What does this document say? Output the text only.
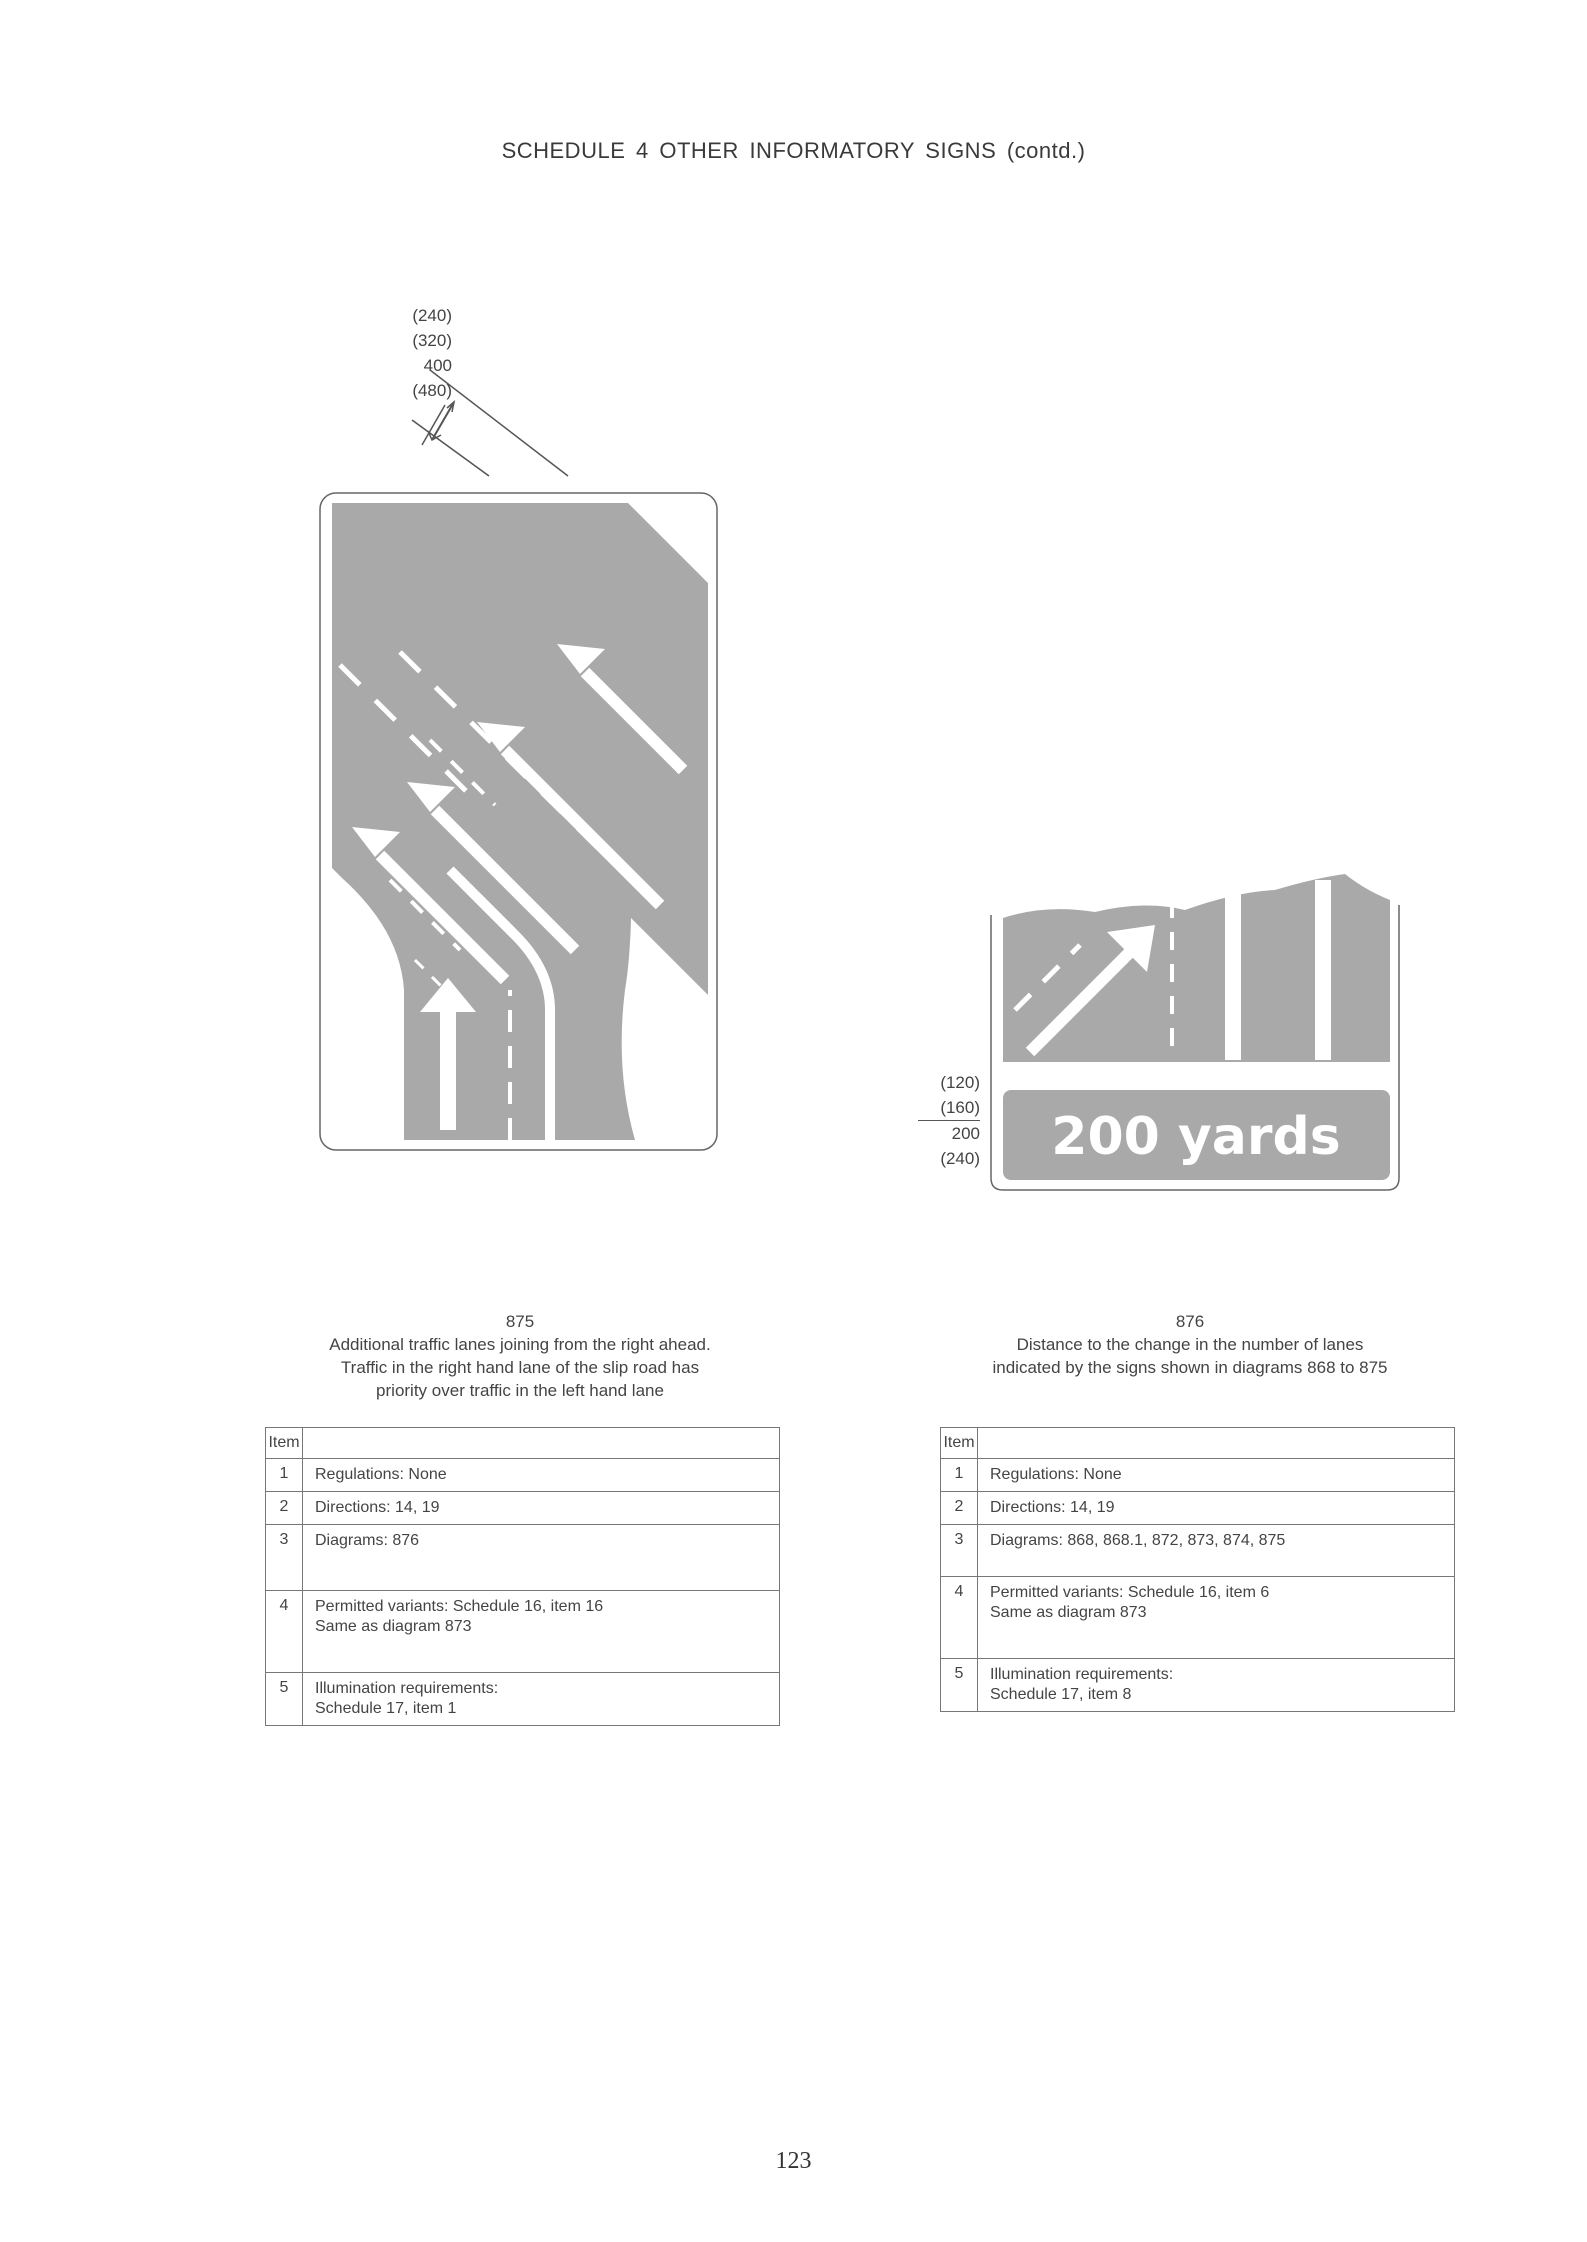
SCHEDULE 4 OTHER INFORMATORY SIGNS (contd.)
(240)
(320)
400
(480)
875
Additional traffic lanes joining from the right ahead.
Traffic in the right hand lane of the slip road has
priority over traffic in the left hand lane
Item	
1	Regulations: None
2	Directions: 14, 19
3	Diagrams: 876
4	Permitted variants: Schedule 16, item 16
Same as diagram 873

5	Illumination requirements:
Schedule 17, item 1
(120)
(160)
200
(240) 200 yards
876
Distance to the change in the number of lanes
indicated by the signs shown in diagrams 868 to 875
Item	
1	Regulations: None
2	Directions: 14, 19
3	Diagrams: 868, 868.1, 872, 873, 874, 875
4	Permitted variants: Schedule 16, item 6
Same as diagram 873

5	Illumination requirements:
Schedule 17, item 8
123
